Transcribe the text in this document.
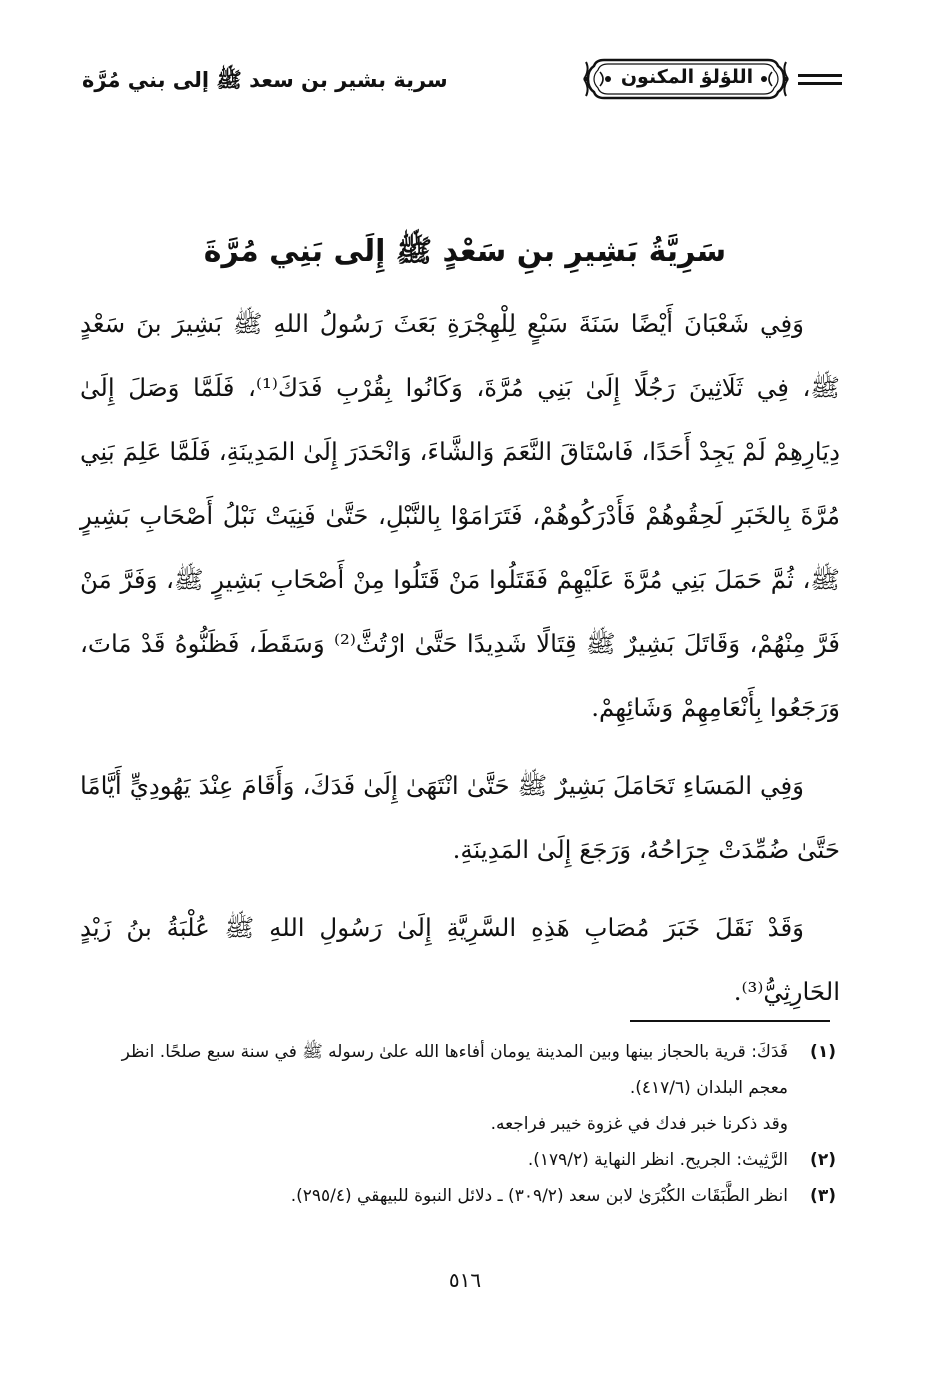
سرية بشير بن سعد ﷺ إلى بني مُرَّة	اللؤلؤ المكنون
سَرِيَّةُ بَشِيرِ بنِ سَعْدٍ ﷺ إِلَى بَنِي مُرَّةَ

وَفِي شَعْبَانَ أَيْضًا سَنَةَ سَبْعٍ لِلْهِجْرَةِ بَعَثَ رَسُولُ اللهِ ﷺ بَشِيرَ بنَ سَعْدٍ ﷺ، فِي ثَلَاثِينَ رَجُلًا إِلَىٰ بَنِي مُرَّةَ، وَكَانُوا بِقُرْبِ فَدَكَ⁽¹⁾، فَلَمَّا وَصَلَ إِلَىٰ دِيَارِهِمْ لَمْ يَجِدْ أَحَدًا، فَاسْتَاقَ النَّعَمَ وَالشَّاءَ، وَانْحَدَرَ إِلَىٰ المَدِينَةِ، فَلَمَّا عَلِمَ بَنِي مُرَّةَ بِالخَبَرِ لَحِقُوهُمْ فَأَدْرَكُوهُمْ، فَتَرَامَوْا بِالنَّبْلِ، حَتَّىٰ فَنِيَتْ نَبْلُ أَصْحَابِ بَشِيرٍ ﷺ، ثُمَّ حَمَلَ بَنِي مُرَّةَ عَلَيْهِمْ فَقَتَلُوا مَنْ قَتَلُوا مِنْ أَصْحَابِ بَشِيرٍ ﷺ، وَفَرَّ مَنْ فَرَّ مِنْهُمْ، وَقَاتَلَ بَشِيرٌ ﷺ قِتَالًا شَدِيدًا حَتَّىٰ ارْتُثَّ⁽²⁾ وَسَقَطَ، فَظَنُّوهُ قَدْ مَاتَ، وَرَجَعُوا بِأَنْعَامِهِمْ وَشَائِهِمْ.

وَفِي المَسَاءِ تَحَامَلَ بَشِيرٌ ﷺ حَتَّىٰ انْتَهَىٰ إِلَىٰ فَدَكَ، وَأَقَامَ عِنْدَ يَهُودِيٍّ أَيَّامًا حَتَّىٰ ضُمِّدَتْ جِرَاحُهُ، وَرَجَعَ إِلَىٰ المَدِينَةِ.

وَقَدْ نَقَلَ خَبَرَ مُصَابِ هَذِهِ السَّرِيَّةِ إِلَىٰ رَسُولِ اللهِ ﷺ عُلْبَةُ بنُ زَيْدٍ الحَارِثِيُّ⁽³⁾.

(١)
فَدَكَ: قرية بالحجاز بينها وبين المدينة يومان أفاءها الله علىٰ رسوله ﷺ في سنة سبع صلحًا. انظر معجم البلدان (٤١٧/٦).
وقد ذكرنا خبر فدك في غزوة خيبر فراجعه.
(٢)
الرَّثِيث: الجريح. انظر النهاية (١٧٩/٢).
(٣)
انظر الطَّبَقَات الكُبْرَىٰ لابن سعد (٣٠٩/٢) ـ دلائل النبوة للبيهقي (٢٩٥/٤).
٥١٦
